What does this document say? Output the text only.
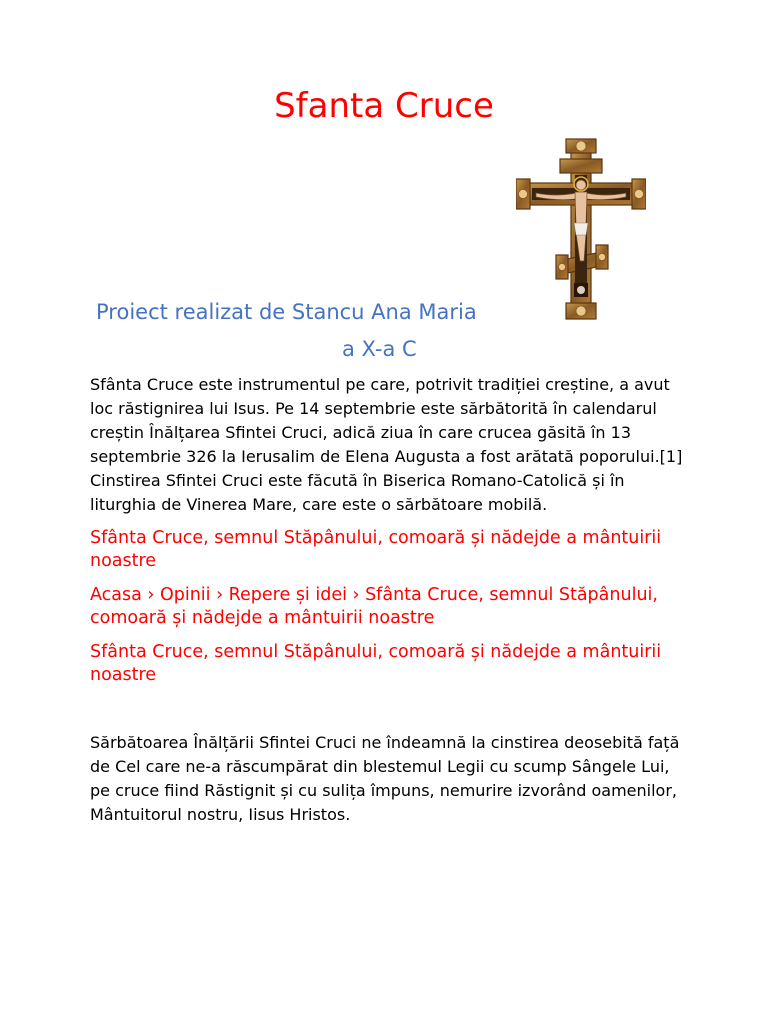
Sfanta Cruce
Proiect realizat de Stancu Ana Maria
a X-a C

Sfânta Cruce este instrumentul pe care, potrivit tradiției creștine, a avut loc răstignirea lui Isus. Pe 14 septembrie este sărbătorită în calendarul creștin Înălțarea Sfintei Cruci, adică ziua în care crucea găsită în 13 septembrie 326 la Ierusalim de Elena Augusta a fost arătată poporului.[1] Cinstirea Sfintei Cruci este făcută în Biserica Romano-Catolică și în liturghia de Vinerea Mare, care este o sărbătoare mobilă.

Sfânta Cruce, semnul Stăpânului, comoară și nădejde a mântuirii noastre

Acasa › Opinii › Repere și idei › Sfânta Cruce, semnul Stăpânului, comoară și nădejde a mântuirii noastre

Sfânta Cruce, semnul Stăpânului, comoară și nădejde a mântuirii noastre

Sărbătoarea Înălțării Sfintei Cruci ne îndeamnă la cinstirea deosebită față de Cel care ne-a răscumpărat din blestemul Legii cu scump Sângele Lui, pe cruce fiind Răstignit și cu sulița împuns, nemurire izvorând oamenilor, Mântuitorul nostru, Iisus Hristos.
